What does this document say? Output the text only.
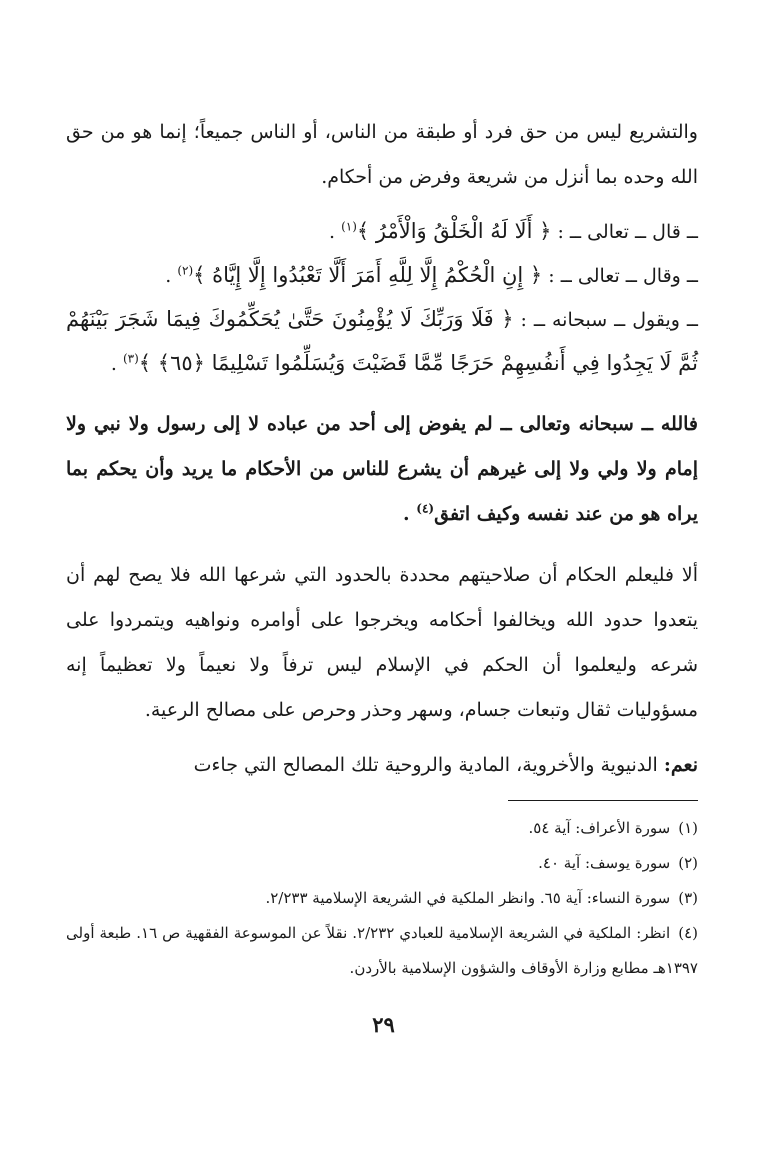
والتشريع ليس من حق فرد أو طبقة من الناس، أو الناس جميعاً؛ إنما هو من حق الله وحده بما أنزل من شريعة وفرض من أحكام.

ــ قال ــ تعالى ــ : ﴿ أَلَا لَهُ الْخَلْقُ وَالْأَمْرُ ﴾$^{(١)}$ .

ــ وقال ــ تعالى ــ : ﴿ إِنِ الْحُكْمُ إِلَّا لِلَّهِ أَمَرَ أَلَّا تَعْبُدُوا إِلَّا إِيَّاهُ ﴾$^{(٢)}$ .

ــ ويقول ــ سبحانه ــ : ﴿ فَلَا وَرَبِّكَ لَا يُؤْمِنُونَ حَتَّىٰ يُحَكِّمُوكَ فِيمَا شَجَرَ بَيْنَهُمْ ثُمَّ لَا يَجِدُوا فِي أَنفُسِهِمْ حَرَجًا مِّمَّا قَضَيْتَ وَيُسَلِّمُوا تَسْلِيمًا ﴿٦٥﴾ ﴾$^{(٣)}$ .

فالله ــ سبحانه وتعالى ــ لم يفوض إلى أحد من عباده لا إلى رسول ولا نبي ولا إمام ولا ولي ولا إلى غيرهم أن يشرع للناس من الأحكام ما يريد وأن يحكم بما يراه هو من عند نفسه وكيف اتفق$^{(٤)}$ .

ألا فليعلم الحكام أن صلاحيتهم محددة بالحدود التي شرعها الله فلا يصح لهم أن يتعدوا حدود الله ويخالفوا أحكامه ويخرجوا على أوامره ونواهيه ويتمردوا على شرعه وليعلموا أن الحكم في الإسلام ليس ترفاً ولا نعيماً ولا تعظيماً إنه مسؤوليات ثقال وتبعات جسام، وسهر وحذر وحرص على مصالح الرعية.

نعم: الدنيوية والأخروية، المادية والروحية تلك المصالح التي جاءت

(١)سورة الأعراف: آية ٥٤.

(٢)سورة يوسف: آية ٤٠.

(٣)سورة النساء: آية ٦٥. وانظر الملكية في الشريعة الإسلامية ٢/٢٣٣.

(٤)انظر: الملكية في الشريعة الإسلامية للعبادي ٢/٢٣٢. نقلاً عن الموسوعة الفقهية ص ١٦. طبعة أولى ١٣٩٧هـ مطابع وزارة الأوقاف والشؤون الإسلامية بالأردن.

٢٩
